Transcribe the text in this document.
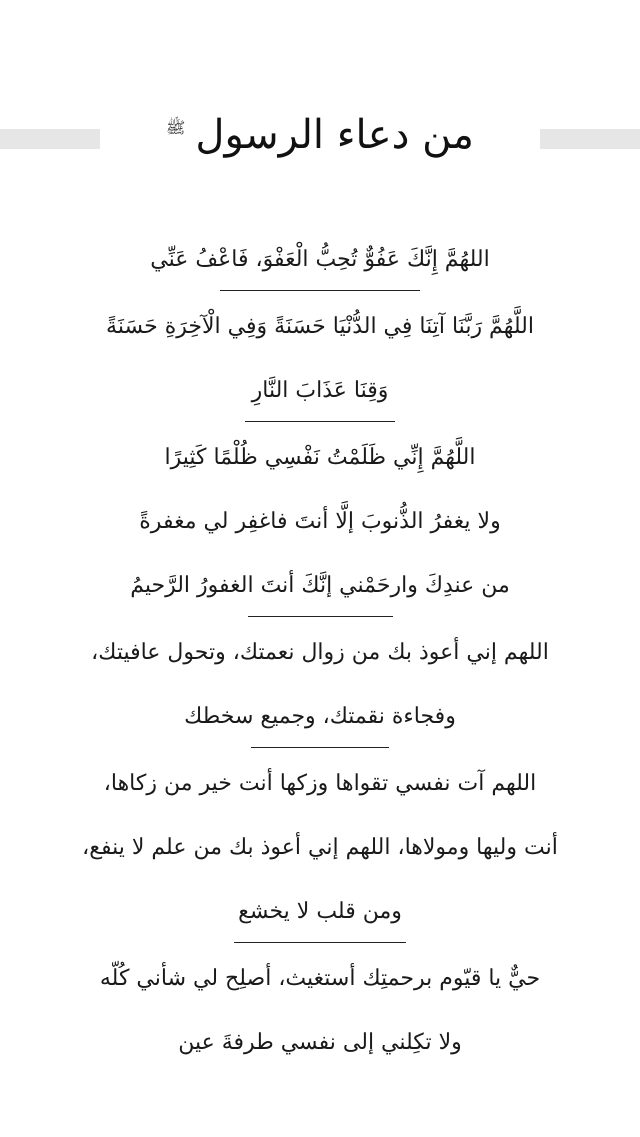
من دعاء الرسول
ﷺ

اللهُمَّ إِنَّكَ عَفُوٌّ تُحِبُّ الْعَفْوَ، فَاعْفُ عَنِّي

اللَّهُمَّ رَبَّنَا آتِنَا فِي الدُّنْيَا حَسَنَةً وَفِي الْآخِرَةِ حَسَنَةً

وَقِنَا عَذَابَ النَّارِ

اللَّهُمَّ إِنِّي ظَلَمْتُ نَفْسِي ظُلْمًا كَثِيرًا

ولا يغفرُ الذُّنوبَ إلَّا أنتَ فاغفِر لي مغفرةً

من عندِكَ وارحَمْني إنَّكَ أنتَ الغفورُ الرَّحيمُ

اللهم إني أعوذ بك من زوال نعمتك، وتحول عافيتك،

وفجاءة نقمتك، وجميع سخطك

اللهم آت نفسي تقواها وزكها أنت خير من زكاها،

أنت وليها ومولاها، اللهم إني أعوذ بك من علم لا ينفع،

ومن قلب لا يخشع

حيٌّ يا قيّوم برحمتِك أستغيث، أصلِح لي شأني كُلّه

ولا تكِلني إلى نفسي طرفةَ عين
